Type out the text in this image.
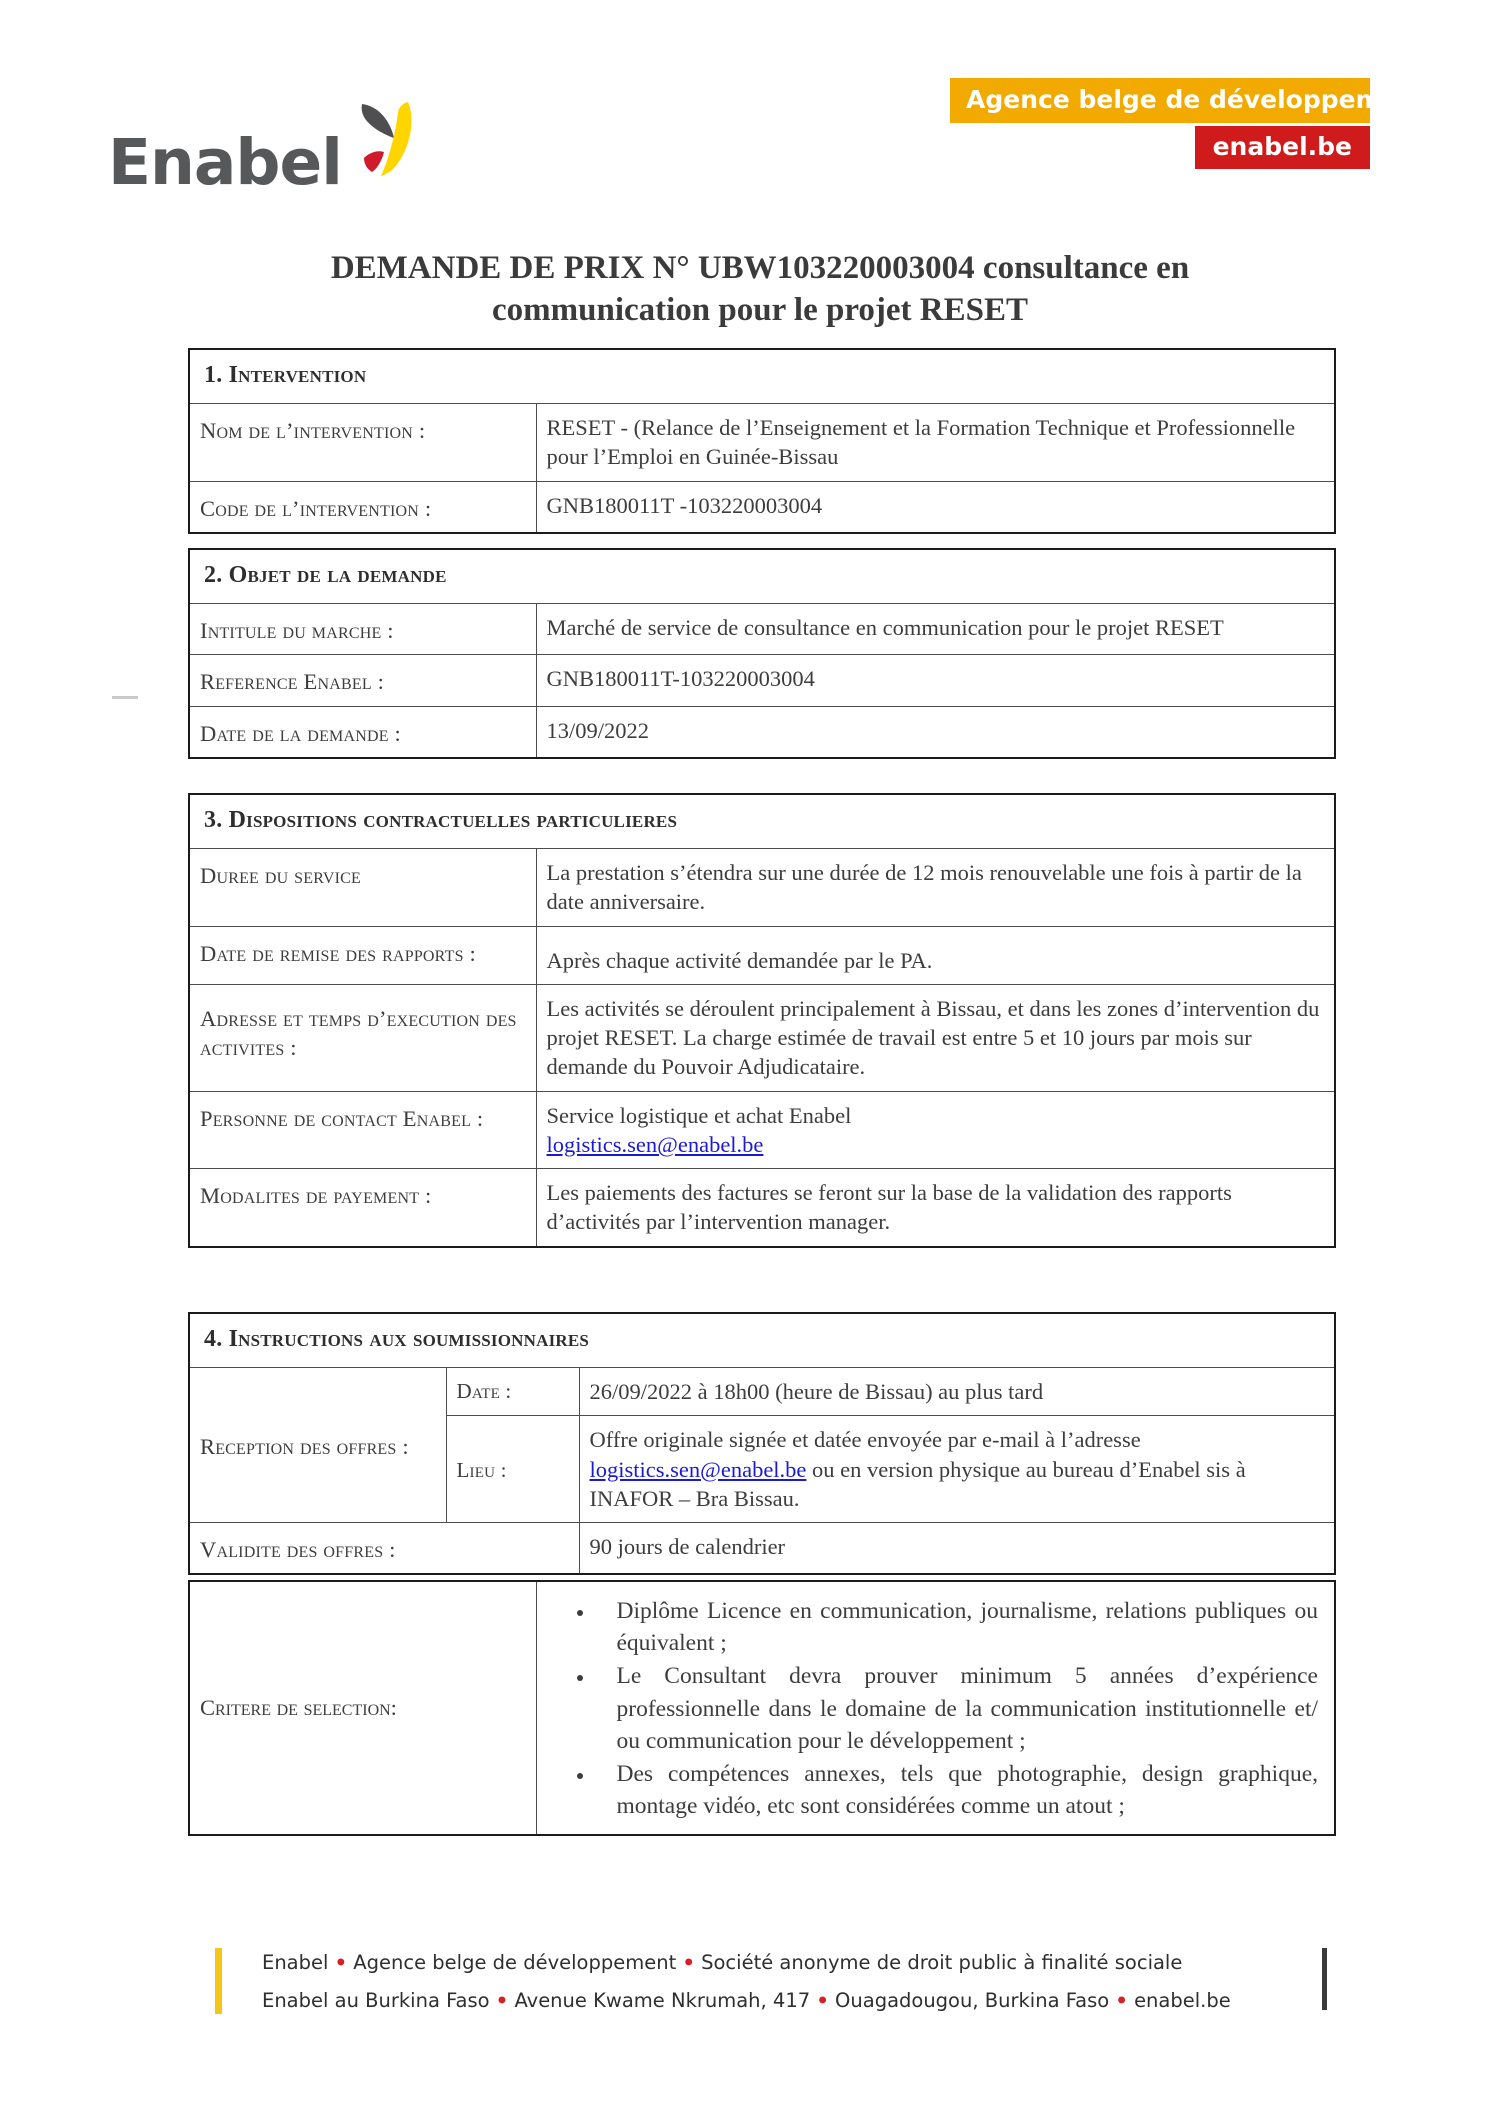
Enabel
Agence belge de développement
enabel.be
DEMANDE DE PRIX N° UBW103220003004 consultance en
communication pour le projet RESET
1. Intervention	
Nom de l’intervention :	RESET - (Relance de l’Enseignement et la Formation Technique et Professionnelle pour l’Emploi en Guinée-Bissau
Code de l’intervention :	GNB180011T -103220003004
2. Objet de la demande	
Intitule du marche :	Marché de service de consultance en communication pour le projet RESET
Reference Enabel :	GNB180011T-103220003004
Date de la demande :	13/09/2022
3. Dispositions contractuelles particulieres	
Duree du service	La prestation s’étendra sur une durée de 12 mois renouvelable une fois à partir de la date anniversaire.
Date de remise des rapports :	Après chaque activité demandée par le PA.
Adresse et temps d’execution des activites :	Les activités se déroulent principalement à Bissau, et dans les zones d’intervention du projet RESET. La charge estimée de travail est entre 5 et 10 jours par mois sur demande du Pouvoir Adjudicataire.
Personne de contact Enabel :	Service logistique et achat Enabel
logistics.sen@enabel.be
Modalites de payement :	Les paiements des factures se feront sur la base de la validation des rapports d’activités par l’intervention manager.
4. Instructions aux soumissionnaires		
Reception des offres :	Date :	26/09/2022 à 18h00 (heure de Bissau) au plus tard
	Lieu :	Offre originale signée et datée envoyée par e-mail à l’adresse logistics.sen@enabel.be ou en version physique au bureau d’Enabel sis à INAFOR – Bra Bissau.
Validite des offres :		90 jours de calendrier
Critere de selection:	
• Diplôme Licence en communication, journalisme, relations publiques ou équivalent ;
• Le Consultant devra prouver minimum 5 années d’expérience professionnelle dans le domaine de la communication institutionnelle et/ ou communication pour le développement ;
• Des compétences annexes, tels que photographie, design graphique, montage vidéo, etc sont considérées comme un atout ;
Enabel • Agence belge de développement • Société anonyme de droit public à finalité sociale
Enabel au Burkina Faso • Avenue Kwame Nkrumah, 417 • Ouagadougou, Burkina Faso • enabel.be
